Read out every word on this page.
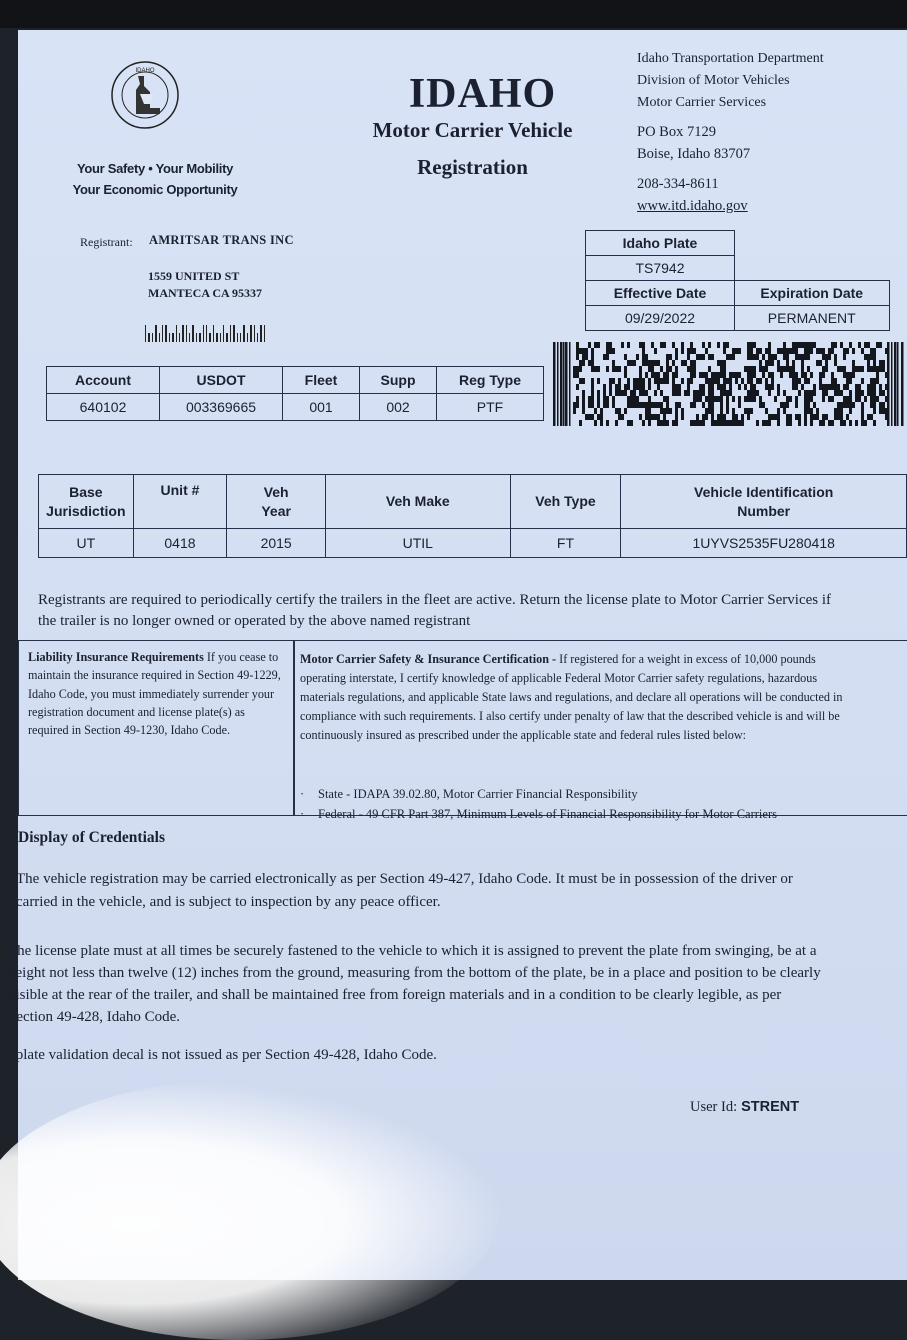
IDAHO
Your Safety • Your Mobility
Your Economic Opportunity
IDAHO
Motor Carrier Vehicle
Registration
Idaho Transportation Department
Division of Motor Vehicles
Motor Carrier Services
PO Box 7129
Boise, Idaho 83707
208-334-8611
www.itd.idaho.gov
Registrant: AMRITSAR TRANS INC
1559 UNITED ST
MANTECA CA 95337
Idaho Plate	
TS7942	
Effective Date	Expiration Date
09/29/2022	PERMANENT
Account	USDOT	Fleet	Supp	Reg Type
640102	003369665	001	002	PTF
Base Jurisdiction	Unit #	Veh Year	Veh Make	Veh Type	Vehicle Identification Number
UT	0418	2015	UTIL	FT	1UYVS2535FU280418
Registrants are required to periodically certify the trailers in the fleet are active. Return the license plate to Motor Carrier Services if the trailer is no longer owned or operated by the above named registrant
Liability Insurance Requirements If you cease to maintain the insurance required in Section 49-1229, Idaho Code, you must immediately surrender your registration document and license plate(s) as required in Section 49-1230, Idaho Code.
Motor Carrier Safety & Insurance Certification - If registered for a weight in excess of 10,000 pounds operating interstate, I certify knowledge of applicable Federal Motor Carrier safety regulations, hazardous materials regulations, and applicable State laws and regulations, and declare all operations will be conducted in compliance with such requirements. I also certify under penalty of law that the described vehicle is and will be continuously insured as prescribed under the applicable state and federal rules listed below:
· State - IDAPA 39.02.80, Motor Carrier Financial Responsibility
· Federal - 49 CFR Part 387, Minimum Levels of Financial Responsibility for Motor Carriers
Display of Credentials
The vehicle registration may be carried electronically as per Section 49-427, Idaho Code. It must be in possession of the driver or carried in the vehicle, and is subject to inspection by any peace officer.
The license plate must at all times be securely fastened to the vehicle to which it is assigned to prevent the plate from swinging, be at a height not less than twelve (12) inches from the ground, measuring from the bottom of the plate, be in a place and position to be clearly visible at the rear of the trailer, and shall be maintained free from foreign materials and in a condition to be clearly legible, as per Section 49-428, Idaho Code.
A plate validation decal is not issued as per Section 49-428, Idaho Code.
User Id: STRENT
